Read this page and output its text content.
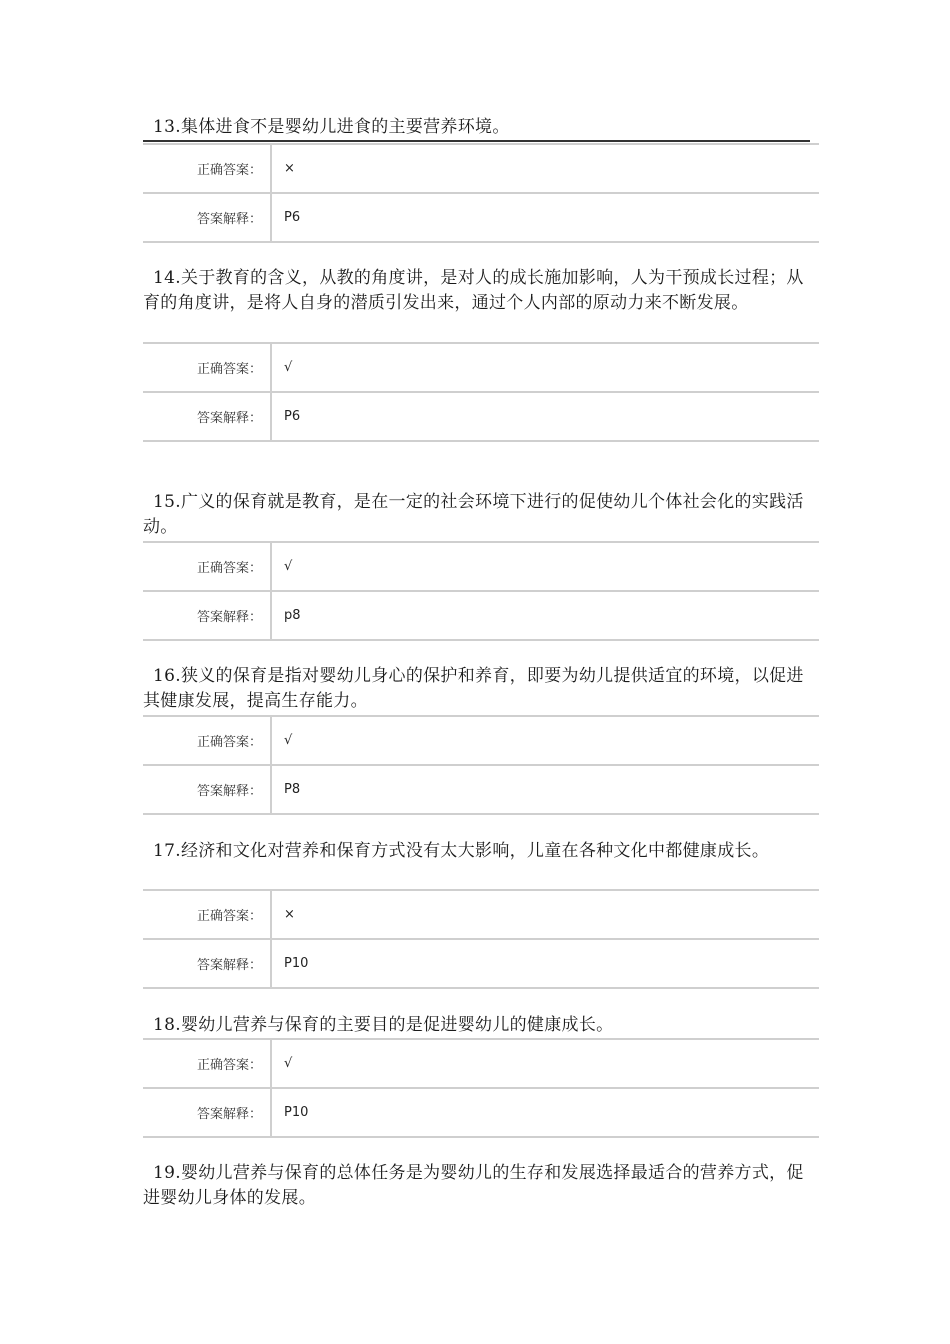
13.集体进食不是婴幼儿进食的主要营养环境。

正确答案：	×
答案解释：	P6

14.关于教育的含义，从教的角度讲，是对人的成长施加影响，人为干预成长过程；从育的角度讲，是将人自身的潜质引发出来，通过个人内部的原动力来不断发展。

正确答案：	√
答案解释：	P6

15.广义的保育就是教育，是在一定的社会环境下进行的促使幼儿个体社会化的实践活动。

正确答案：	√
答案解释：	p8

16.狭义的保育是指对婴幼儿身心的保护和养育，即要为幼儿提供适宜的环境，以促进其健康发展，提高生存能力。

正确答案：	√
答案解释：	P8

17.经济和文化对营养和保育方式没有太大影响，儿童在各种文化中都健康成长。

正确答案：	×
答案解释：	P10

18.婴幼儿营养与保育的主要目的是促进婴幼儿的健康成长。

正确答案：	√
答案解释：	P10

19.婴幼儿营养与保育的总体任务是为婴幼儿的生存和发展选择最适合的营养方式，促进婴幼儿身体的发展。
